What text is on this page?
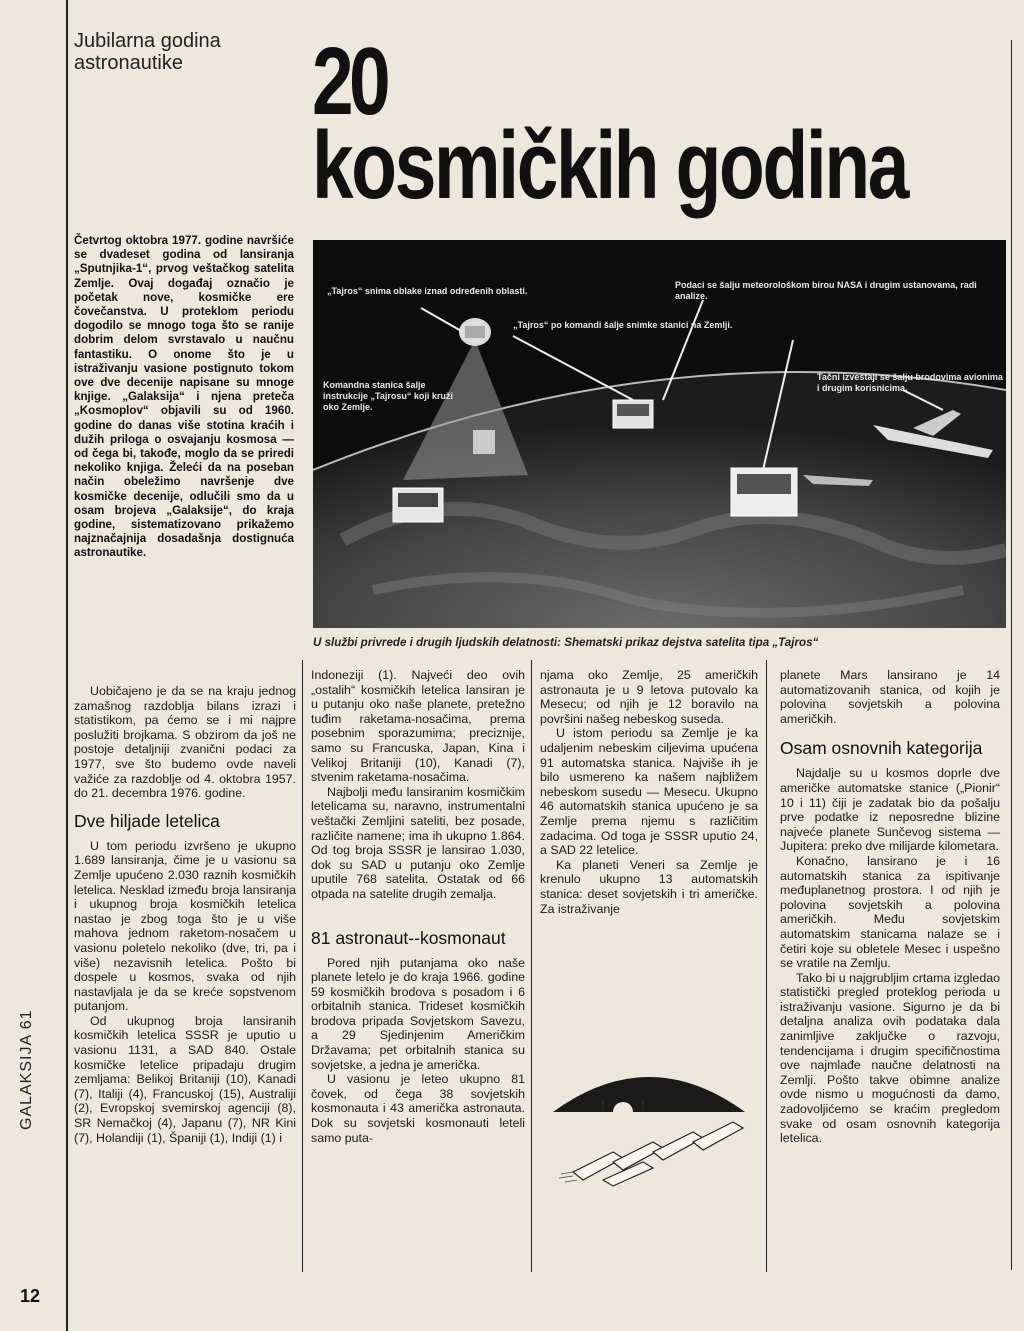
Jubilarna godina astronautike	20
kosmičkih godina
Četvrtog oktobra 1977. godine navršiće se dvadeset godina od lansiranja „Sputnjika-1“, prvog veštačkog satelita Zemlje. Ovaj događaj označio je početak nove, kosmičke ere čovečanstva. U proteklom periodu dogodilo se mnogo toga što se ranije dobrim delom svrstavalo u naučnu fantastiku. O onome što je u istraživanju vasione postignuto tokom ove dve decenije napisane su mnoge knjige. „Galaksija“ i njena preteča „Kosmoplov“ objavili su od 1960. godine do danas više stotina kraćih i dužih priloga o osvajanju kosmosa — od čega bi, takođe, moglo da se priredi nekoliko knjiga. Želeći da na poseban način obeležimo navršenje dve kosmičke decenije, odlučili smo da u osam brojeva „Galaksije“, do kraja godine, sistematizovano prikažemo najznačajnija dosadašnja dostignuća astronautike.
„Tajros“ snima oblake iznad određenih oblasti.
Podaci se šalju meteorološkom birou NASA i drugim ustanovama, radi analize.
„Tajros“ po komandi šalje snimke stanici na Zemlji.
Tačni izveštaji se šalju brodovima avionima i drugim korisnicima.
Komandna stanica šalje instrukcije „Tajrosu“ koji kruži oko Zemlje.
U službi privrede i drugih ljudskih delatnosti: Shematski prikaz dejstva satelita tipa „Tajros“

Uobičajeno je da se na kraju jednog zamašnog razdoblja bilans izrazi i statistikom, pa ćemo se i mi najpre poslužiti brojkama. S obzirom da još ne postoje detaljniji zvanični podaci za 1977, sve što budemo ovde naveli važiće za razdoblje od 4. oktobra 1957. do 21. decembra 1976. godine.

Dve hiljade letelica

U tom periodu izvršeno je ukupno 1.689 lansiranja, čime je u vasionu sa Zemlje upućeno 2.030 raznih kosmičkih letelica. Nesklad između broja lansiranja i ukupnog broja kosmičkih letelica nastao je zbog toga što je u više mahova jednom raketom-nosačem u vasionu poletelo nekoliko (dve, tri, pa i više) nezavisnih letelica. Pošto bi dospele u kosmos, svaka od njih nastavljala je da se kreće sopstvenom putanjom.

Od ukupnog broja lansiranih kosmičkih letelica SSSR je uputio u vasionu 1131, a SAD 840. Ostale kosmičke letelice pripadaju drugim zemljama: Belikoj Britaniji (10), Kanadi (7), Italiji (4), Francuskoj (15), Australiji (2), Evropskoj svemirskoj agenciji (8), SR Nemačkoj (4), Japanu (7), NR Kini (7), Holandiji (1), Španiji (1), Indiji (1) i

Indoneziji (1). Najveći deo ovih „ostalih“ kosmičkih letelica lansiran je u putanju oko naše planete, pretežno tuđim raketama-nosačima, prema posebnim sporazumima; preciznije, samo su Francuska, Japan, Kina i Velikoj Britaniji (10), Kanadi (7), stvenim raketama-nosačima.

Najbolji među lansiranim kosmičkim letelicama su, naravno, instrumentalni veštački Zemljini sateliti, bez posade, različite namene; ima ih ukupno 1.864. Od tog broja SSSR je lansirao 1.030, dok su SAD u putanju oko Zemlje uputile 768 satelita. Ostatak od 66 otpada na satelite drugih zemalja.

81 astronaut--kosmonaut

Pored njih putanjama oko naše planete letelo je do kraja 1966. godine 59 kosmičkih brodova s posadom i 6 orbitalnih stanica. Trideset kosmičkih brodova pripada Sovjetskom Savezu, a 29 Sjedinjenim Američkim Državama; pet orbitalnih stanica su sovjetske, a jedna je američka.

U vasionu je leteo ukupno 81 čovek, od čega 38 sovjetskih kosmonauta i 43 američka astronauta. Dok su sovjetski kosmonauti leteli samo puta-

njama oko Zemlje, 25 američkih astronauta je u 9 letova putovalo ka Mesecu; od njih je 12 boravilo na površini našeg nebeskog suseda.

U istom periodu sa Zemlje je ka udaljenim nebeskim ciljevima upućena 91 automatska stanica. Najviše ih je bilo usmereno ka našem najbližem nebeskom susedu — Mesecu. Ukupno 46 automatskih stanica upućeno je sa Zemlje prema njemu s različitim zadacima. Od toga je SSSR uputio 24, a SAD 22 letelice.

Ka planeti Veneri sa Zemlje je krenulo ukupno 13 automatskih stanica: deset sovjetskih i tri američke. Za istraživanje

planete Mars lansirano je 14 automatizovanih stanica, od kojih je polovina sovjetskih a polovina američkih.

Osam osnovnih kategorija

Najdalje su u kosmos doprle dve američke automatske stanice („Pionir“ 10 i 11) čiji je zadatak bio da pošalju prve podatke iz neposredne blizine najveće planete Sunčevog sistema — Jupitera: preko dve milijarde kilometara.

Konačno, lansirano je i 16 automatskih stanica za ispitivanje međuplanetnog prostora. I od njih je polovina sovjetskih a polovina američkih. Među sovjetskim automatskim stanicama nalaze se i četiri koje su obletele Mesec i uspešno se vratile na Zemlju.

Tako bi u najgrubljim crtama izgledao statistički pregled proteklog perioda u istraživanju vasione. Sigurno je da bi detaljna analiza ovih podataka dala zanimljive zaključke o razvoju, tendencijama i drugim specifičnostima ove najmlađe naučne delatnosti na Zemlji. Pošto takve obimne analize ovde nismo u mogućnosti da damo, zadovoljićemo se kraćim pregledom svake od osam osnovnih kategorija letelica.

GALAKSIJA 61
12
